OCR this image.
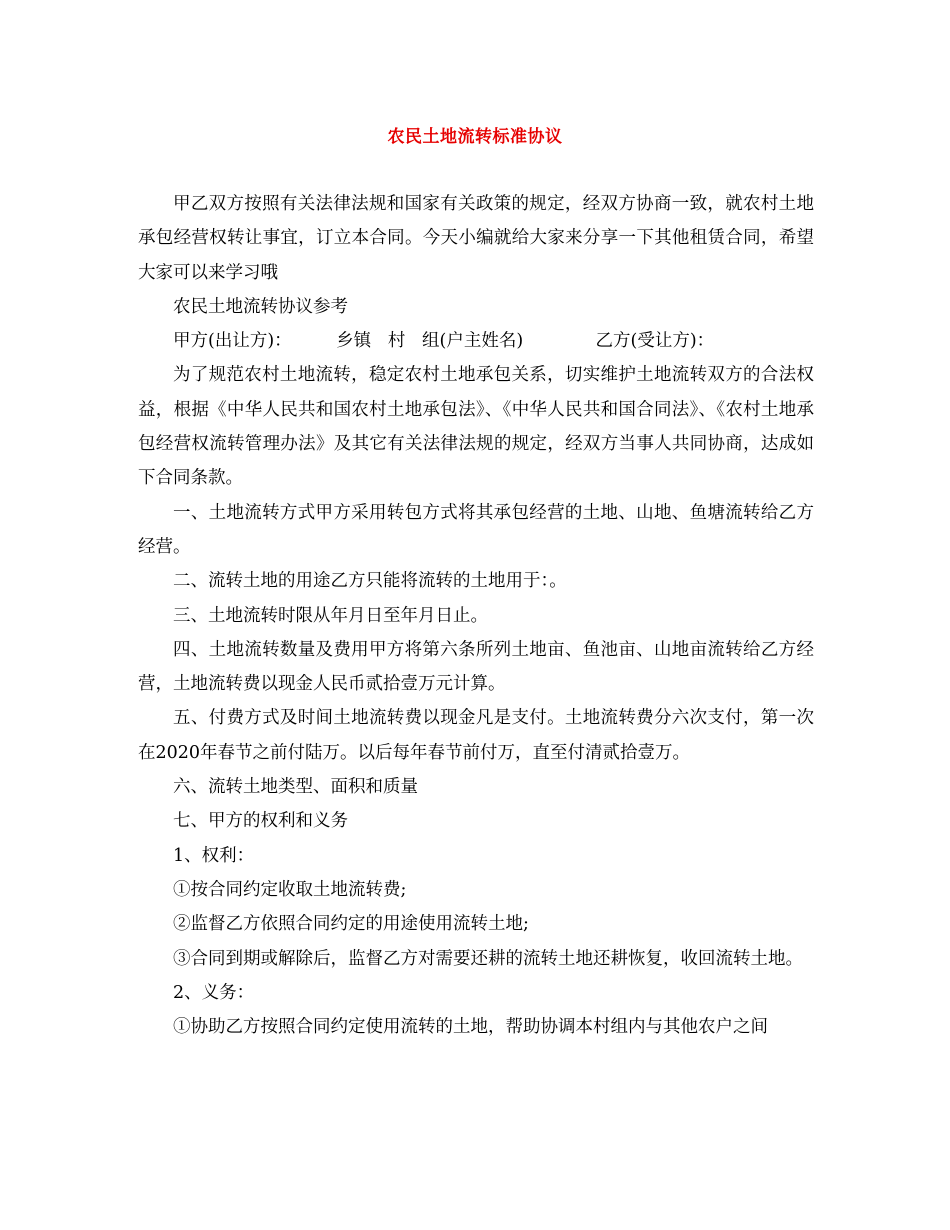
农民土地流转标准协议

甲乙双方按照有关法律法规和国家有关政策的规定，经双方协商一致，就农村土地承包经营权转让事宜，订立本合同。今天小编就给大家来分享一下其他租赁合同，希望大家可以来学习哦

农民土地流转协议参考

甲方(出让方)：        乡镇   村   组(户主姓名)             乙方(受让方)：

为了规范农村土地流转，稳定农村土地承包关系，切实维护土地流转双方的合法权益，根据《中华人民共和国农村土地承包法》、《中华人民共和国合同法》、《农村土地承包经营权流转管理办法》及其它有关法律法规的规定，经双方当事人共同协商，达成如下合同条款。

一、土地流转方式甲方采用转包方式将其承包经营的土地、山地、鱼塘流转给乙方经营。

二、流转土地的用途乙方只能将流转的土地用于：。

三、土地流转时限从年月日至年月日止。

四、土地流转数量及费用甲方将第六条所列土地亩、鱼池亩、山地亩流转给乙方经营，土地流转费以现金人民币贰拾壹万元计算。

五、付费方式及时间土地流转费以现金凡是支付。土地流转费分六次支付，第一次在2020年春节之前付陆万。以后每年春节前付万，直至付清贰拾壹万。

六、流转土地类型、面积和质量

七、甲方的权利和义务

1、权利：

①按合同约定收取土地流转费;

②监督乙方依照合同约定的用途使用流转土地;

③合同到期或解除后，监督乙方对需要还耕的流转土地还耕恢复，收回流转土地。

2、义务：

①协助乙方按照合同约定使用流转的土地，帮助协调本村组内与其他农户之间
